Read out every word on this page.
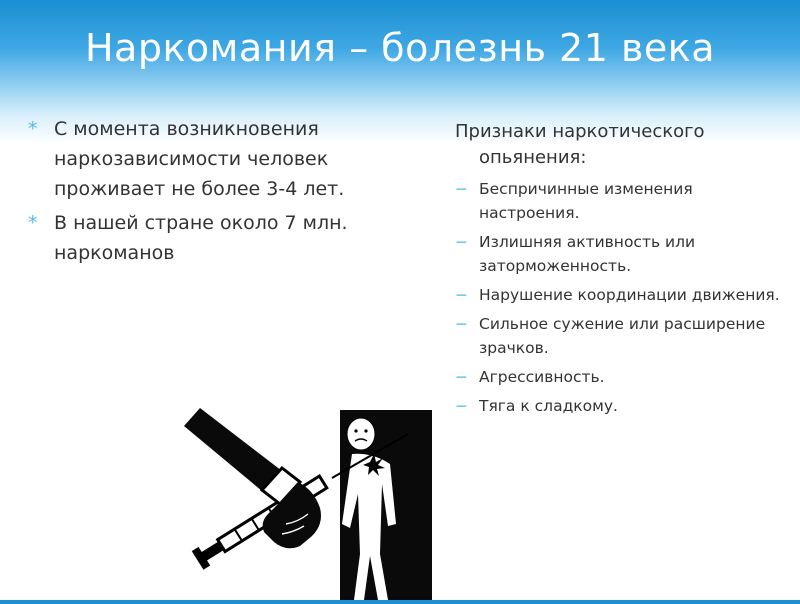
Наркомания – болезнь 21 века
* С момента возникновения наркозависимости человек проживает не более 3-4 лет.
* В нашей стране около 7 млн. наркоманов
Признаки наркотического опьянения:
− Беспричинные изменения настроения.
− Излишняя активность или заторможенность.
− Нарушение координации движения.
− Сильное сужение или расширение зрачков.
− Агрессивность.
− Тяга к сладкому.
